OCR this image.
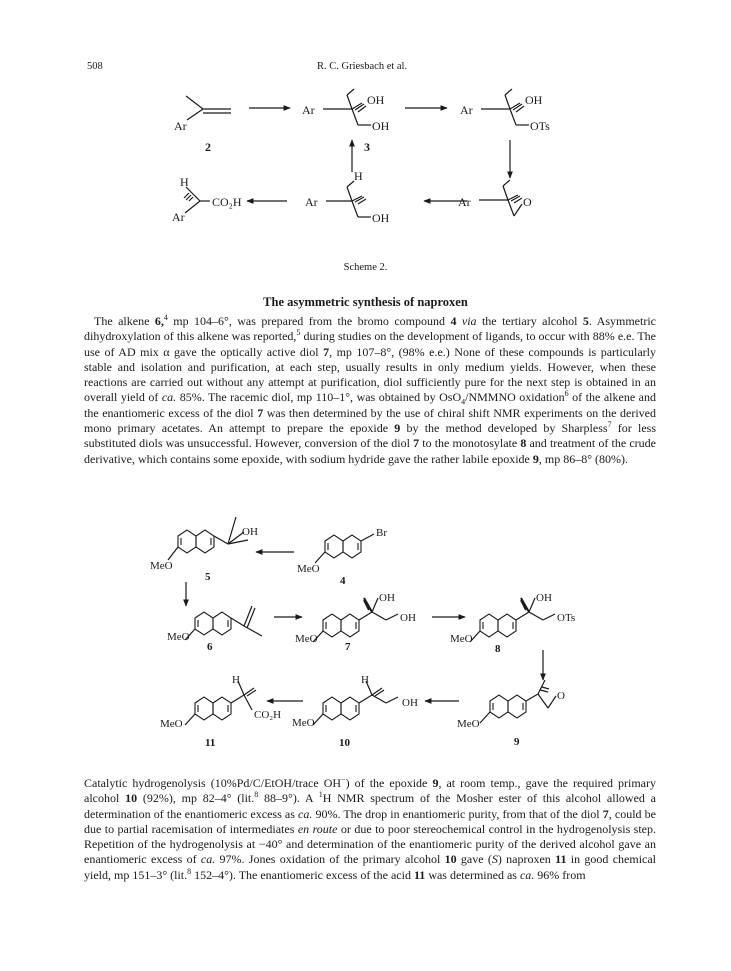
508	R. C. Griesbach et al.
Ar
2
Ar
OH
OH
3
Ar
OH
OTs
H
Ar
OH
Ar	O
H
CO₂H
Ar
Scheme 2.
The asymmetric synthesis of naproxen

The alkene 6,$^4$ mp 104–6°, was prepared from the bromo compound 4 via the tertiary alcohol 5. Asymmetric dihydroxylation of this alkene was reported,$^5$ during studies on the development of ligands, to occur with 88% e.e. The use of AD mix α gave the optically active diol 7, mp 107–8°, (98% e.e.) None of these compounds is particularly stable and isolation and purification, at each step, usually results in only medium yields. However, when these reactions are carried out without any attempt at purification, diol sufficiently pure for the next step is obtained in an overall yield of ca. 85%. The racemic diol, mp 110–1°, was obtained by OsO$_4$/NMMNO oxidation$^6$ of the alkene and the enantiomeric excess of the diol 7 was then determined by the use of chiral shift NMR experiments on the derived mono primary acetates. An attempt to prepare the epoxide 9 by the method developed by Sharpless$^7$ for less substituted diols was unsuccessful. However, conversion of the diol 7 to the monotosylate 8 and treatment of the crude derivative, which contains some epoxide, with sodium hydride gave the rather labile epoxide 9, mp 86–8° (80%).

OH
MeO
5
Br
MeO
4
MeO
6
OH
OH
MeO
7
OH
OTs
MeO
8
O
MeO
9
H
OH
MeO
10
H
CO₂H
MeO
11

Catalytic hydrogenolysis (10%Pd/C/EtOH/trace OH−) of the epoxide 9, at room temp., gave the required primary alcohol 10 (92%), mp 82–4° (lit.$^8$ 88–9°). A $^1$H NMR spectrum of the Mosher ester of this alcohol allowed a determination of the enantiomeric excess as ca. 90%. The drop in enantiomeric purity, from that of the diol 7, could be due to partial racemisation of intermediates en route or due to poor stereochemical control in the hydrogenolysis step. Repetition of the hydrogenolysis at −40° and determination of the enantiomeric purity of the derived alcohol gave an enantiomeric excess of ca. 97%. Jones oxidation of the primary alcohol 10 gave (S) naproxen 11 in good chemical yield, mp 151–3° (lit.$^8$ 152–4°). The enantiomeric excess of the acid 11 was determined as ca. 96% from
